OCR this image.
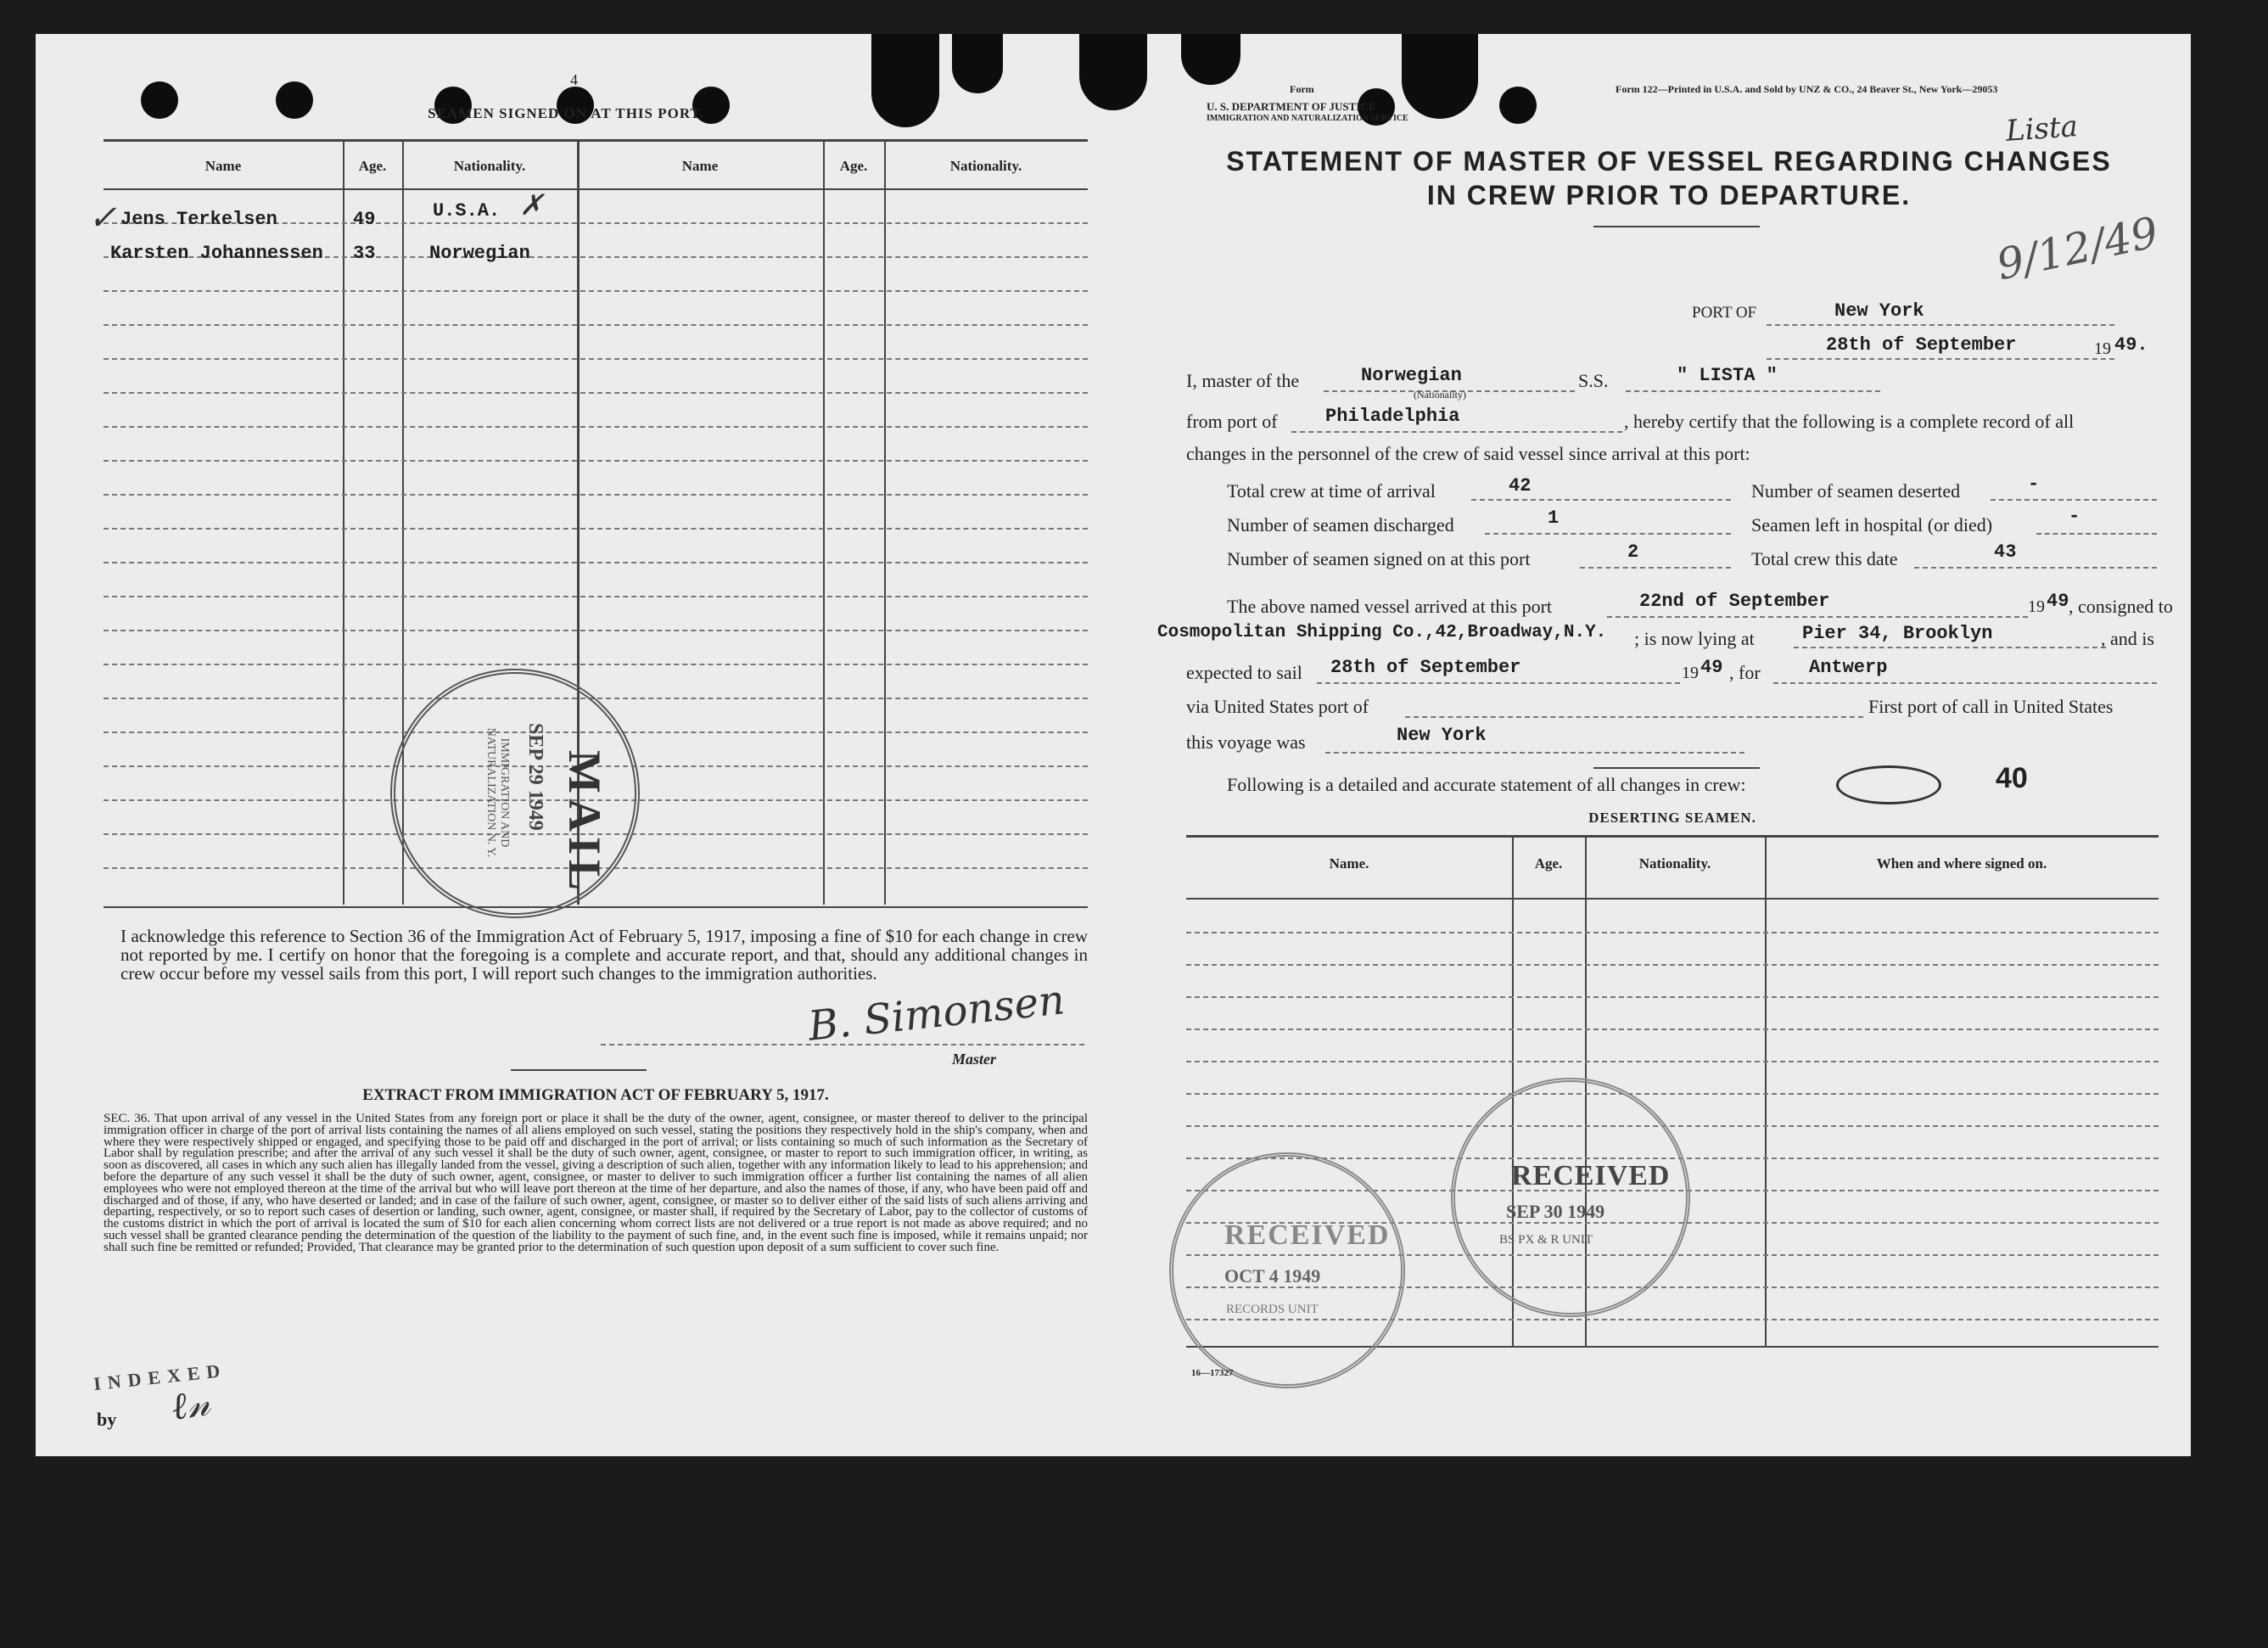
4
SEAMEN SIGNED ON AT THIS PORT.
Name	Age.	Nationality.	Name	Age.	Nationality.
Jens Terkelsen	49	U.S.A.
Karsten Johannessen 33	Norwegian
✓	✗
MAIL
SEP 29 1949
IMMIGRATION AND NATURALIZATION N. Y.
I acknowledge this reference to Section 36 of the Immigration Act of February 5, 1917, imposing a fine of $10 for each change in crew not reported by me. I certify on honor that the foregoing is a complete and accurate report, and that, should any additional changes in crew occur before my vessel sails from this port, I will report such changes to the immigration authorities.
B. Simonsen
Master
EXTRACT FROM IMMIGRATION ACT OF FEBRUARY 5, 1917.
SEC. 36. That upon arrival of any vessel in the United States from any foreign port or place it shall be the duty of the owner, agent, consignee, or master thereof to deliver to the principal immigration officer in charge of the port of arrival lists containing the names of all aliens employed on such vessel, stating the positions they respectively hold in the ship's company, when and where they were respectively shipped or engaged, and specifying those to be paid off and discharged in the port of arrival; or lists containing so much of such information as the Secretary of Labor shall by regulation prescribe; and after the arrival of any such vessel it shall be the duty of such owner, agent, consignee, or master to report to such immigration officer, in writing, as soon as discovered, all cases in which any such alien has illegally landed from the vessel, giving a description of such alien, together with any information likely to lead to his apprehension; and before the departure of any such vessel it shall be the duty of such owner, agent, consignee, or master to deliver to such immigration officer a further list containing the names of all alien employees who were not employed thereon at the time of the arrival but who will leave port thereon at the time of her departure, and also the names of those, if any, who have been paid off and discharged and of those, if any, who have deserted or landed; and in case of the failure of such owner, agent, consignee, or master so to deliver either of the said lists of such aliens arriving and departing, respectively, or so to report such cases of desertion or landing, such owner, agent, consignee, or master shall, if required by the Secretary of Labor, pay to the collector of customs of the customs district in which the port of arrival is located the sum of $10 for each alien concerning whom correct lists are not delivered or a true report is not made as above required; and no such vessel shall be granted clearance pending the determination of the question of the liability to the payment of such fine, and, in the event such fine is imposed, while it remains unpaid; nor shall such fine be remitted or refunded; Provided, That clearance may be granted prior to the determination of such question upon deposit of a sum sufficient to cover such fine.
INDEXED
by ℓ𝓃
Form
U. S. DEPARTMENT OF JUSTICE
IMMIGRATION AND NATURALIZATION SERVICE
Form 122—Printed in U.S.A. and Sold by UNZ & CO., 24 Beaver St., New York—29053
Lista
9/12/49
STATEMENT OF MASTER OF VESSEL REGARDING CHANGES
IN CREW PRIOR TO DEPARTURE.
PORT OF	New York
28th of September	19 49.
I, master of the	Norwegian
(Nationality)
S.S.	" LISTA "
from port of	Philadelphia	, hereby certify that the following is a complete record of all
changes in the personnel of the crew of said vessel since arrival at this port:
Total crew at time of arrival	42
Number of seamen discharged	1
Number of seamen signed on at this port	2
Number of seamen deserted	-
Seamen left in hospital (or died)	-
Total crew this date	43
The above named vessel arrived at this port	22nd of September	19 49 , consigned to
Cosmopolitan Shipping Co.,42,Broadway,N.Y. ; is now lying at	Pier 34, Brooklyn	, and is
expected to sail 28th of September	19 49 , for	Antwerp
via United States port of	First port of call in United States
this voyage was	New York
Following is a detailed and accurate statement of all changes in crew:	40
DESERTING SEAMEN.
Name.	Age.	Nationality.	When and where signed on.
RECEIVED
OCT 4 1949
RECORDS UNIT
RECEIVED
SEP 30 1949
BS PX & R UNIT
16—17327
